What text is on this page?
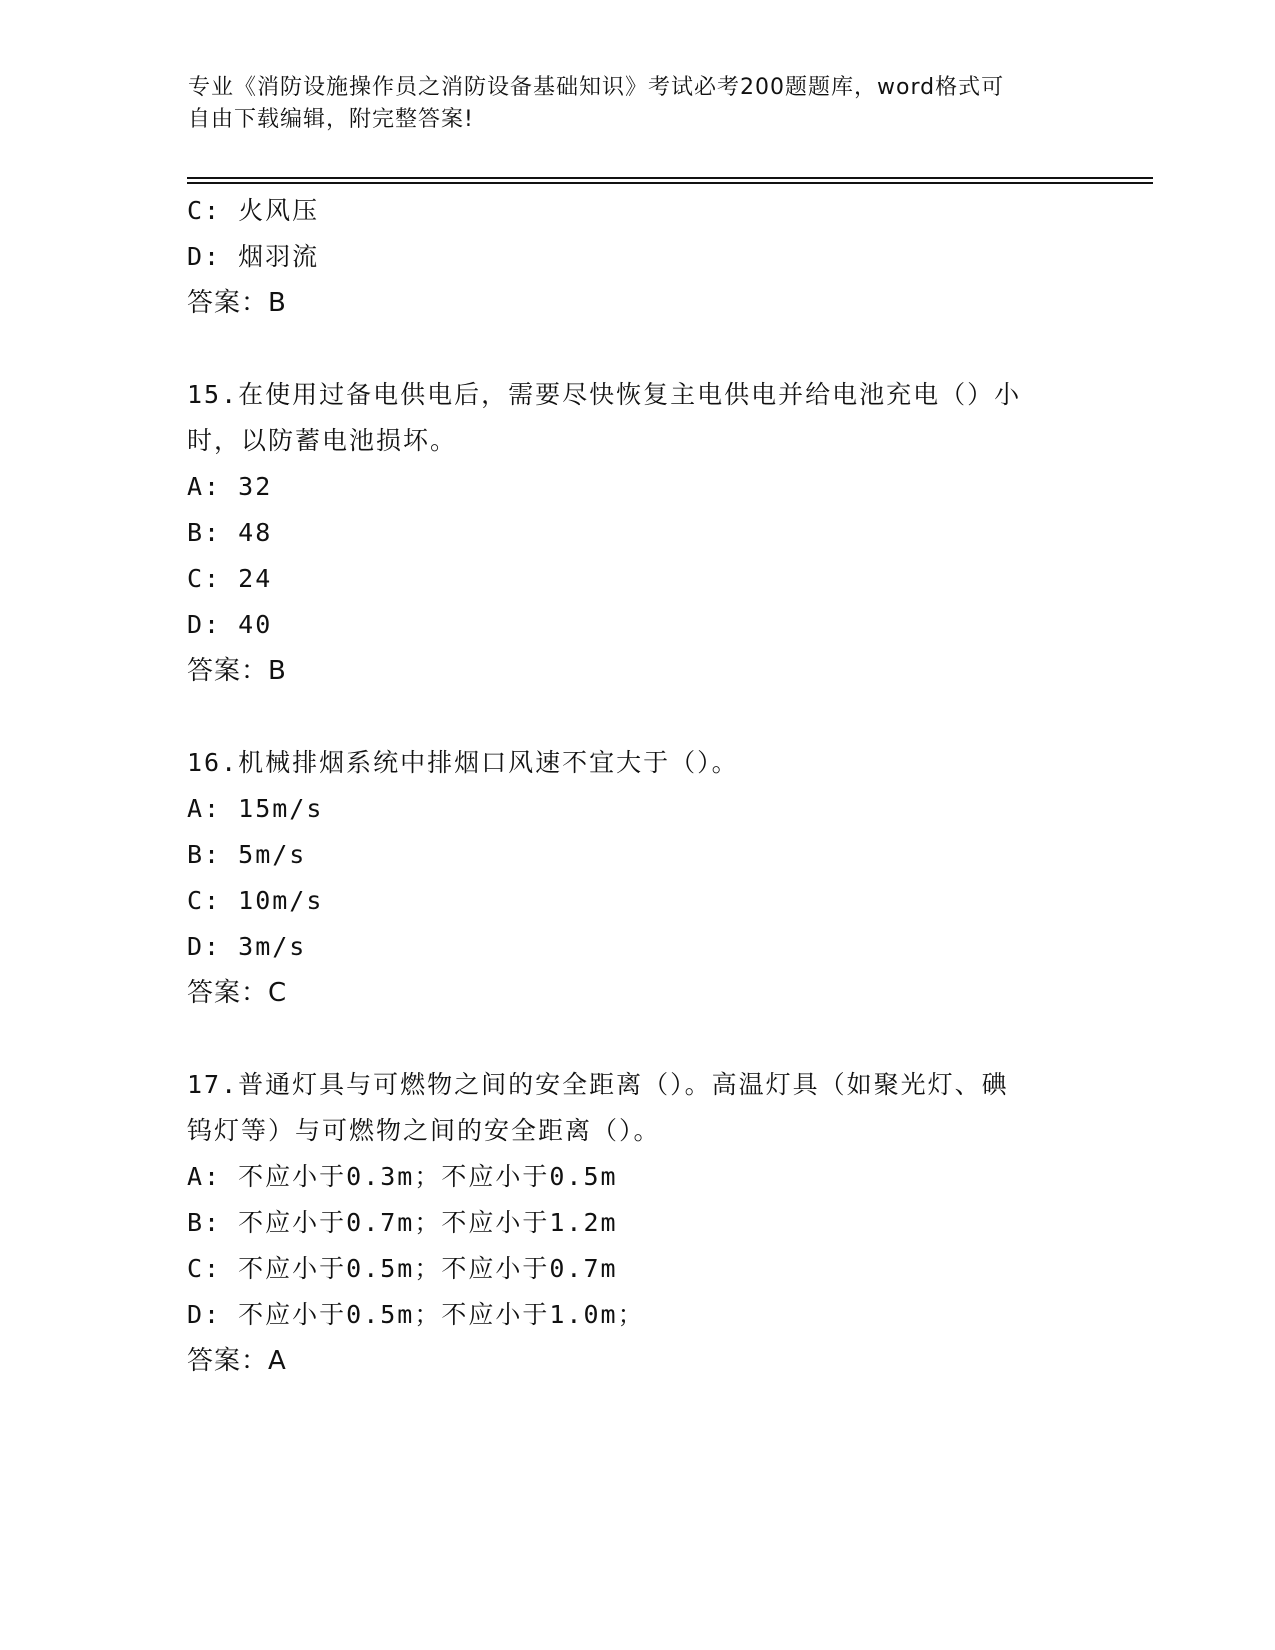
专业《消防设施操作员之消防设备基础知识》考试必考200题题库，word格式可
自由下载编辑，附完整答案!
C: 火风压
D: 烟羽流
答案：B
15.在使用过备电供电后，需要尽快恢复主电供电并给电池充电（）小
时，以防蓄电池损坏。
A: 32
B: 48
C: 24
D: 40
答案：B
16.机械排烟系统中排烟口风速不宜大于（）。
A: 15m/s
B: 5m/s
C: 10m/s
D: 3m/s
答案：C
17.普通灯具与可燃物之间的安全距离（）。高温灯具（如聚光灯、碘
钨灯等）与可燃物之间的安全距离（）。
A: 不应小于0.3m；不应小于0.5m
B: 不应小于0.7m；不应小于1.2m
C: 不应小于0.5m；不应小于0.7m
D: 不应小于0.5m；不应小于1.0m；
答案：A
